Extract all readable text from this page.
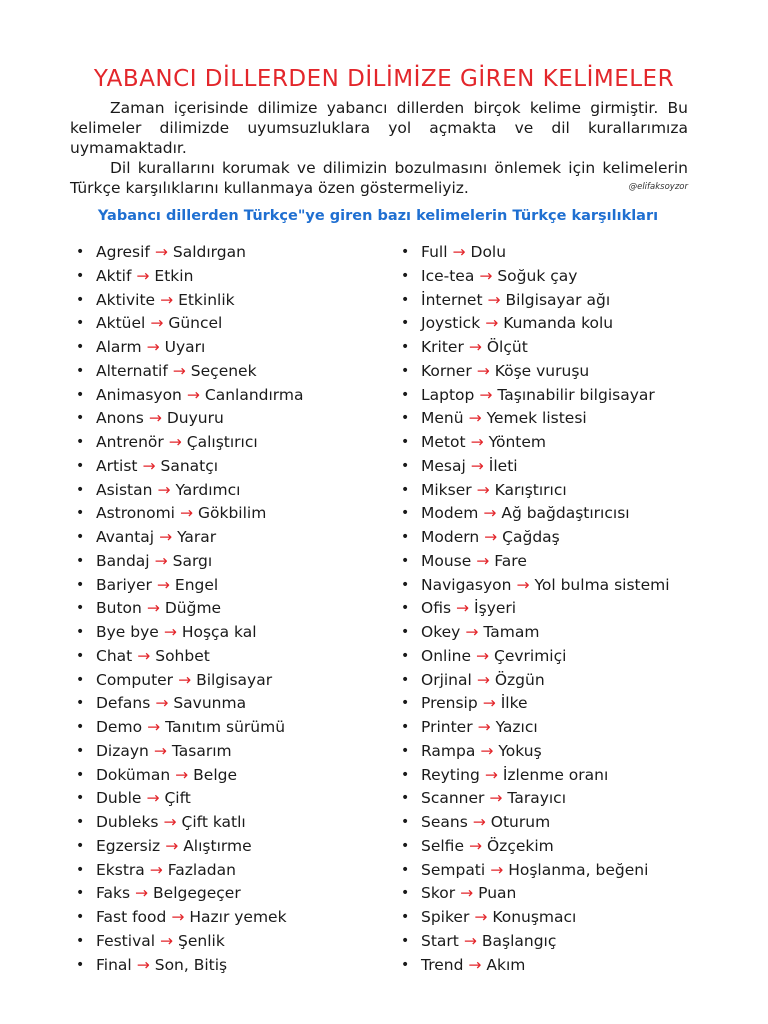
YABANCI DİLLERDEN DİLİMİZE GİREN KELİMELER

Zaman içerisinde dilimize yabancı dillerden birçok kelime girmiştir. Bu kelimeler dilimizde uyumsuzluklara yol açmakta ve dil kurallarımıza uymamaktadır.

Dil kurallarını korumak ve dilimizin bozulmasını önlemek için kelimelerin Türkçe karşılıklarını kullanmaya özen göstermeliyiz.	@elifaksoyzor
Yabancı dillerden Türkçe"ye giren bazı kelimelerin Türkçe karşılıkları
• Agresif → Saldırgan
• Aktif → Etkin
• Aktivite → Etkinlik
• Aktüel → Güncel
• Alarm → Uyarı
• Alternatif → Seçenek
• Animasyon → Canlandırma
• Anons → Duyuru
• Antrenör → Çalıştırıcı
• Artist → Sanatçı
• Asistan → Yardımcı
• Astronomi → Gökbilim
• Avantaj → Yarar
• Bandaj → Sargı
• Bariyer → Engel
• Buton → Düğme
• Bye bye → Hoşça kal
• Chat → Sohbet
• Computer → Bilgisayar
• Defans → Savunma
• Demo → Tanıtım sürümü
• Dizayn → Tasarım
• Doküman → Belge
• Duble → Çift
• Dubleks → Çift katlı
• Egzersiz → Alıştırme
• Ekstra → Fazladan
• Faks → Belgegeçer
• Fast food → Hazır yemek
• Festival → Şenlik
• Final → Son, Bitiş
• Full → Dolu
• Ice-tea → Soğuk çay
• İnternet → Bilgisayar ağı
• Joystick → Kumanda kolu
• Kriter → Ölçüt
• Korner → Köşe vuruşu
• Laptop → Taşınabilir bilgisayar
• Menü → Yemek listesi
• Metot → Yöntem
• Mesaj → İleti
• Mikser → Karıştırıcı
• Modem → Ağ bağdaştırıcısı
• Modern → Çağdaş
• Mouse → Fare
• Navigasyon → Yol bulma sistemi
• Ofis → İşyeri
• Okey → Tamam
• Online → Çevrimiçi
• Orjinal → Özgün
• Prensip → İlke
• Printer → Yazıcı
• Rampa → Yokuş
• Reyting → İzlenme oranı
• Scanner → Tarayıcı
• Seans → Oturum
• Selfie → Özçekim
• Sempati → Hoşlanma, beğeni
• Skor → Puan
• Spiker → Konuşmacı
• Start → Başlangıç
• Trend → Akım
